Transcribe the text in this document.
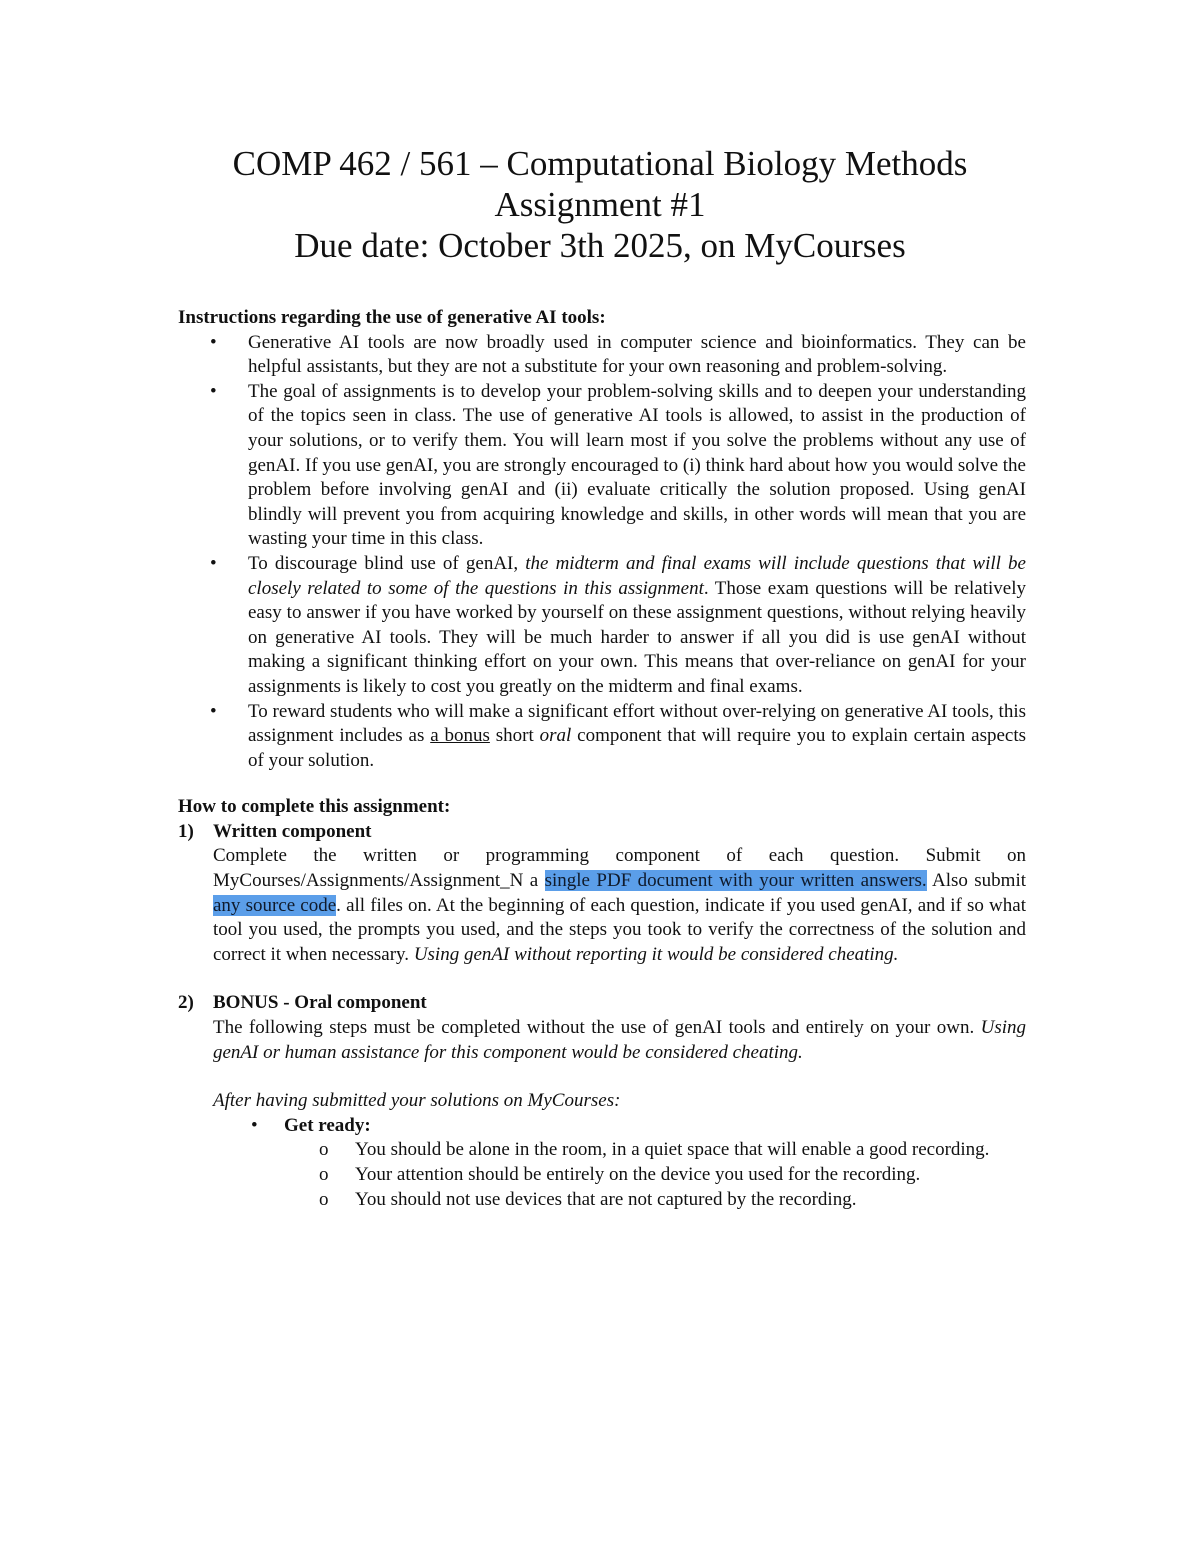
COMP 462 / 561 – Computational Biology Methods
Assignment #1
Due date: October 3th 2025, on MyCourses

Instructions regarding the use of generative AI tools:

• Generative AI tools are now broadly used in computer science and bioinformatics. They can be helpful assistants, but they are not a substitute for your own reasoning and problem-solving.
• The goal of assignments is to develop your problem-solving skills and to deepen your understanding of the topics seen in class. The use of generative AI tools is allowed, to assist in the production of your solutions, or to verify them. You will learn most if you solve the problems without any use of genAI. If you use genAI, you are strongly encouraged to (i) think hard about how you would solve the problem before involving genAI and (ii) evaluate critically the solution proposed. Using genAI blindly will prevent you from acquiring knowledge and skills, in other words will mean that you are wasting your time in this class.
• To discourage blind use of genAI, the midterm and final exams will include questions that will be closely related to some of the questions in this assignment. Those exam questions will be relatively easy to answer if you have worked by yourself on these assignment questions, without relying heavily on generative AI tools. They will be much harder to answer if all you did is use genAI without making a significant thinking effort on your own. This means that over-reliance on genAI for your assignments is likely to cost you greatly on the midterm and final exams.
• To reward students who will make a significant effort without over-relying on generative AI tools, this assignment includes as a bonus short oral component that will require you to explain certain aspects of your solution.

How to complete this assignment:

1) Written component
Complete the written or programming component of each question. Submit on MyCourses/Assignments/Assignment_N a single PDF document with your written answers. Also submit any source code. all files on. At the beginning of each question, indicate if you used genAI, and if so what tool you used, the prompts you used, and the steps you took to verify the correctness of the solution and correct it when necessary. Using genAI without reporting it would be considered cheating.
2) BONUS - Oral component
The following steps must be completed without the use of genAI tools and entirely on your own. Using genAI or human assistance for this component would be considered cheating.
After having submitted your solutions on MyCourses:
• Get ready:
o You should be alone in the room, in a quiet space that will enable a good recording.
o Your attention should be entirely on the device you used for the recording.
o You should not use devices that are not captured by the recording.
